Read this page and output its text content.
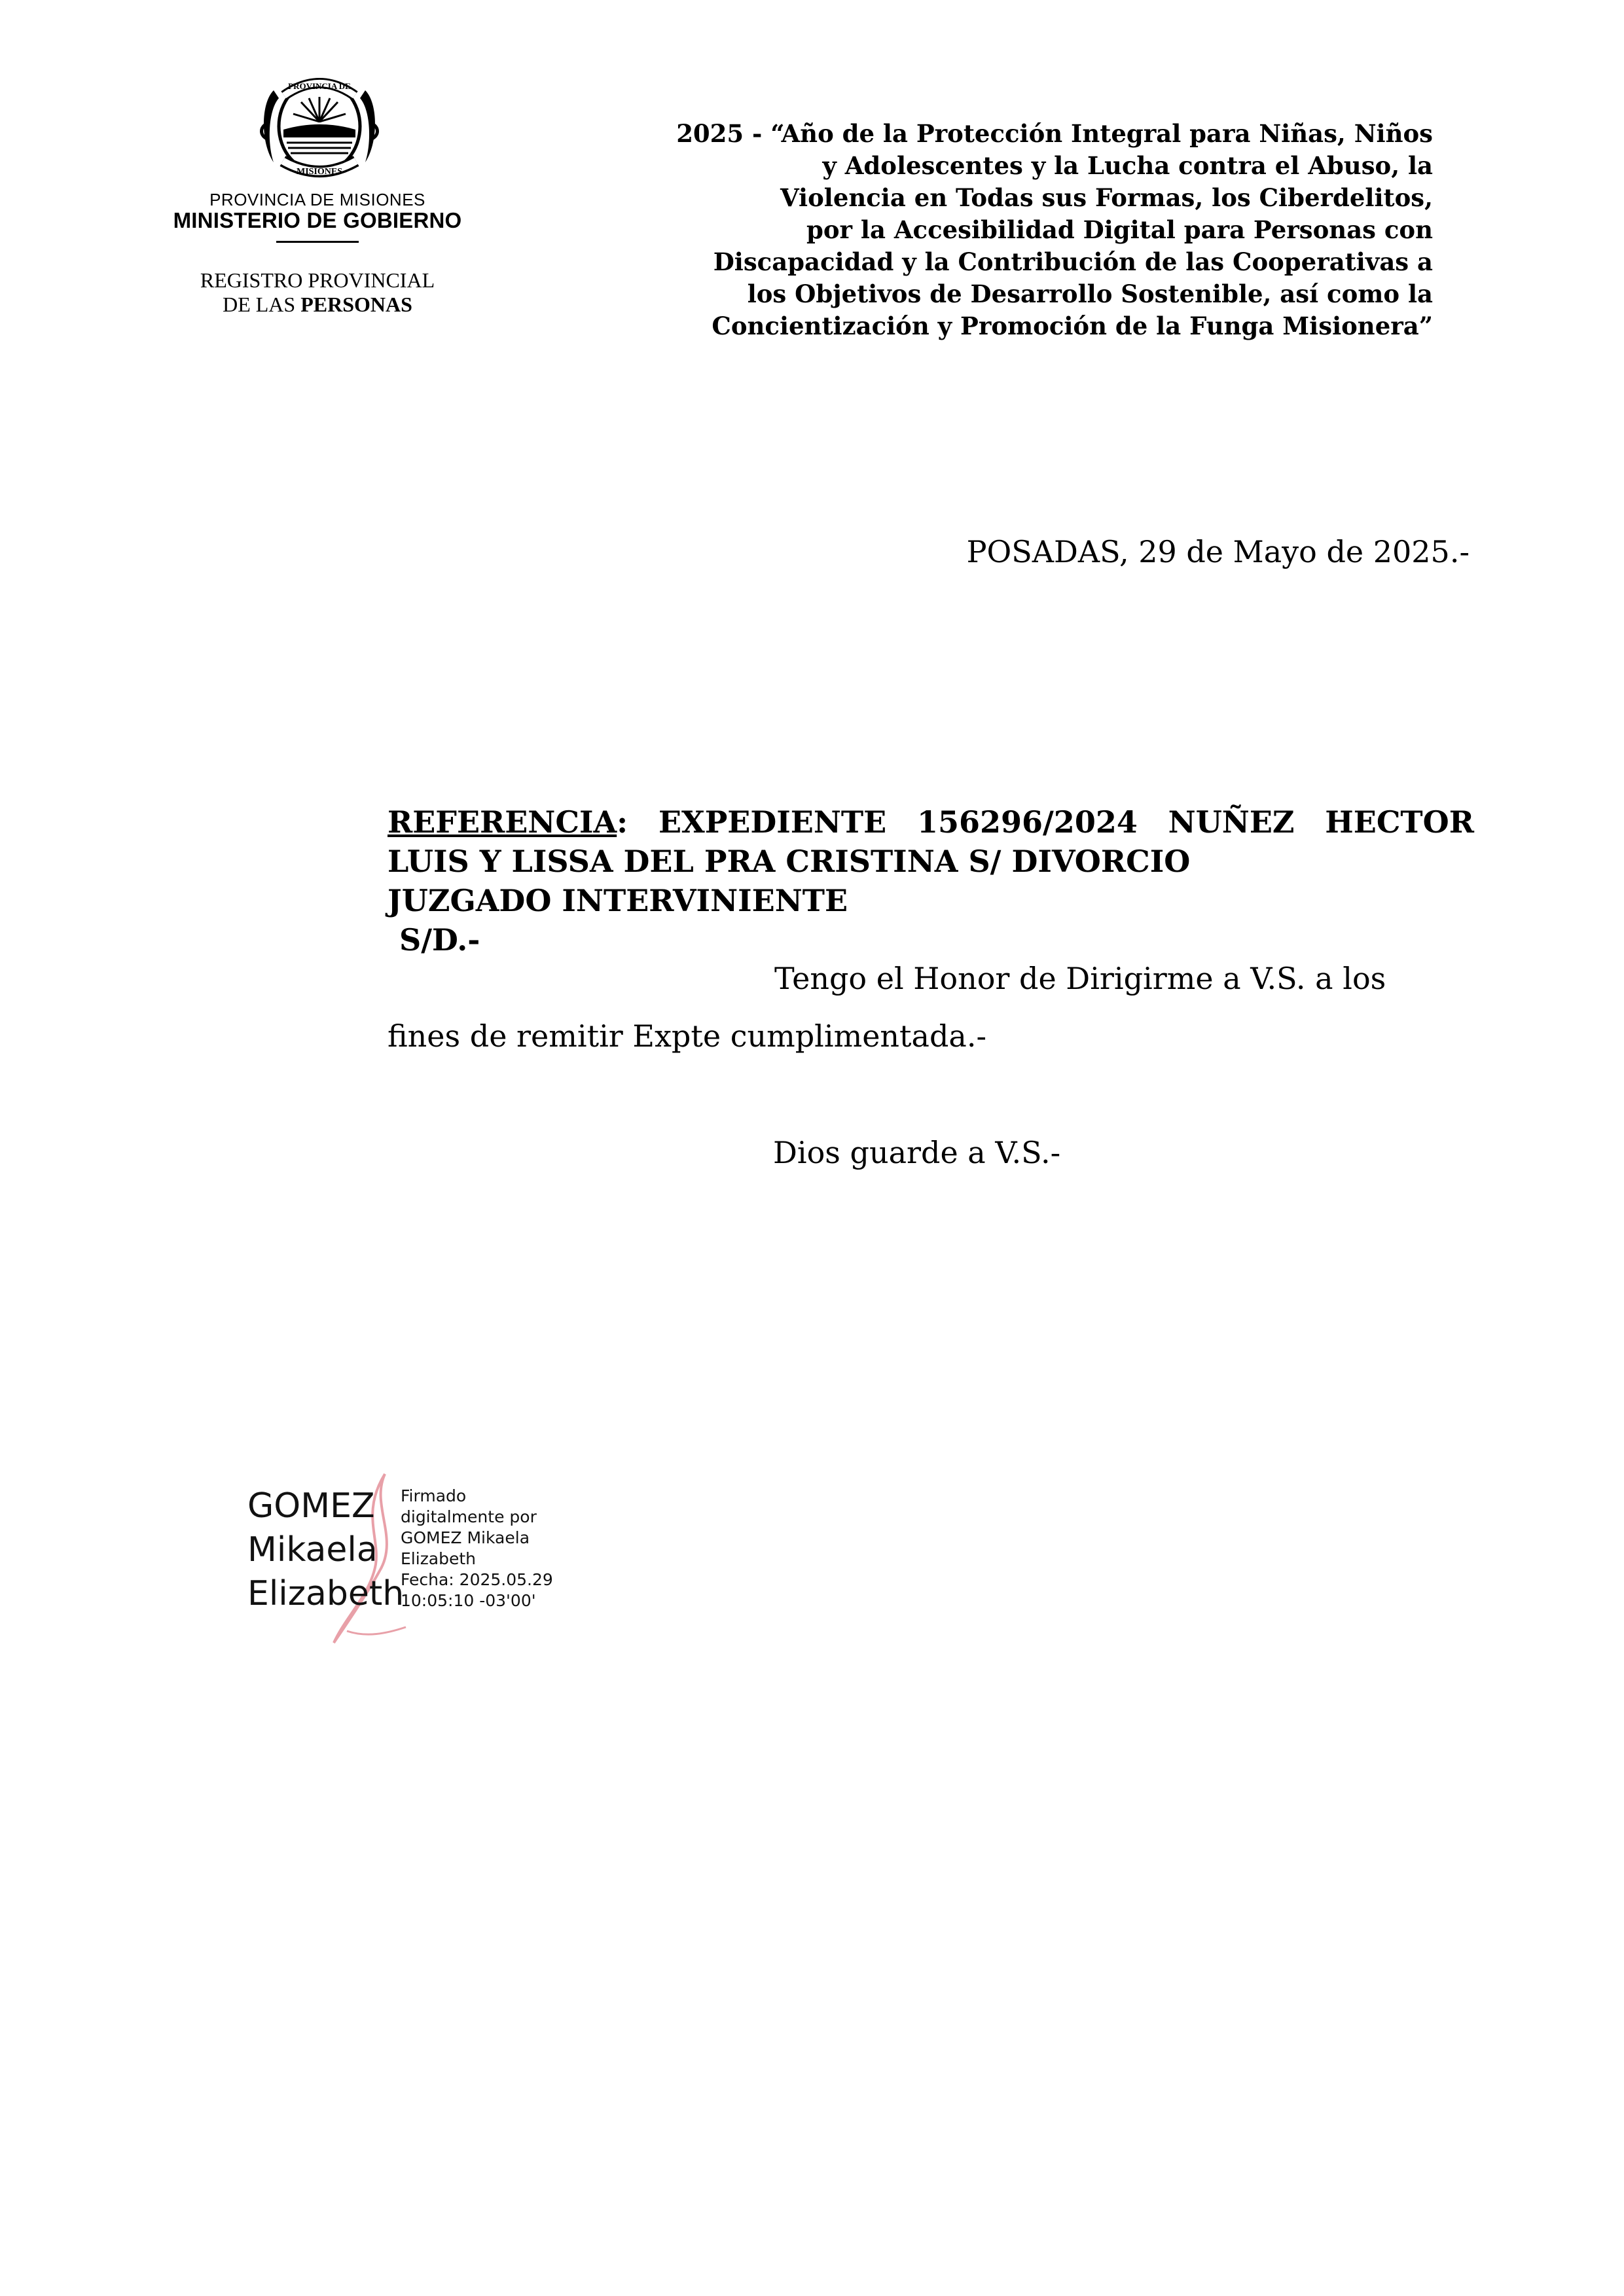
PROVINCIA DE
MISIONES
PROVINCIA DE MISIONES
MINISTERIO DE GOBIERNO
REGISTRO PROVINCIAL
DE LAS PERSONAS
2025 - “Año de la Protección Integral para Niñas, Niños
y Adolescentes y la Lucha contra el Abuso, la
Violencia en Todas sus Formas, los Ciberdelitos,
por la Accesibilidad Digital para Personas con
Discapacidad y la Contribución de las Cooperativas a
los Objetivos de Desarrollo Sostenible, así como la
Concientización y Promoción de la Funga Misionera”
POSADAS, 29 de Mayo de 2025.-
REFERENCIA: EXPEDIENTE 156296/2024 NUÑEZ HECTOR
LUIS Y LISSA DEL PRA CRISTINA S/ DIVORCIO
JUZGADO INTERVINIENTE
S/D.-
Tengo el Honor de Dirigirme a V.S. a los
fines de remitir Expte cumplimentada.-
Dios guarde a V.S.-
GOMEZ
Mikaela
Elizabeth
Firmado
digitalmente por
GOMEZ Mikaela
Elizabeth
Fecha: 2025.05.29
10:05:10 -03'00'
